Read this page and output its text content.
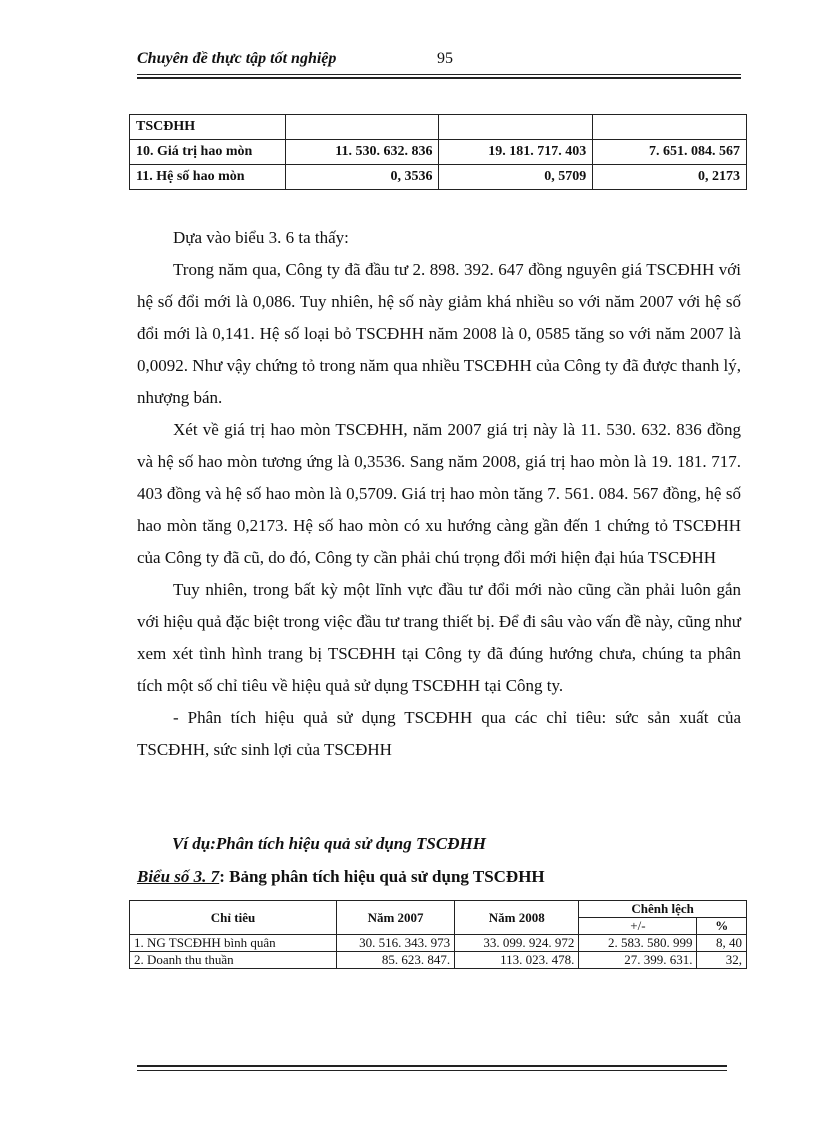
Chuyên đề thực tập tốt nghiệp	95
TSCĐHH			
10. Giá trị hao mòn	11. 530. 632. 836	19. 181. 717. 403	7. 651. 084. 567
11. Hệ số hao mòn	0, 3536	0, 5709	0, 2173

Dựa vào biểu 3. 6 ta thấy:

Trong năm qua, Công ty đã đầu tư 2. 898. 392. 647 đồng nguyên giá TSCĐHH với hệ số đổi mới là 0,086. Tuy nhiên, hệ số này giảm khá nhiều so với năm 2007 với hệ số đổi mới là 0,141. Hệ số loại bỏ TSCĐHH năm 2008 là 0, 0585 tăng so với năm 2007 là 0,0092. Như vậy chứng tỏ trong năm qua nhiều TSCĐHH của Công ty đã được thanh lý, nhượng bán.

Xét về giá trị hao mòn TSCĐHH, năm 2007 giá trị này là 11. 530. 632. 836 đồng và hệ số hao mòn tương ứng là 0,3536. Sang năm 2008, giá trị hao mòn là 19. 181. 717. 403 đồng và hệ số hao mòn là 0,5709. Giá trị hao mòn tăng 7. 561. 084. 567 đồng, hệ số hao mòn tăng 0,2173. Hệ số hao mòn có xu hướng càng gần đến 1 chứng tỏ TSCĐHH của Công ty đã cũ, do đó, Công ty cần phải chú trọng đổi mới hiện đại húa TSCĐHH

Tuy nhiên, trong bất kỳ một lĩnh vực đầu tư đổi mới nào cũng cần phải luôn gắn với hiệu quả đặc biệt trong việc đầu tư trang thiết bị. Để đi sâu vào vấn đề này, cũng như xem xét tình hình trang bị TSCĐHH tại Công ty đã đúng hướng chưa, chúng ta phân tích một số chỉ tiêu về hiệu quả sử dụng TSCĐHH tại Công ty.

- Phân tích hiệu quả sử dụng TSCĐHH qua các chỉ tiêu: sức sản xuất của TSCĐHH, sức sinh lợi của TSCĐHH

Ví dụ:Phân tích hiệu quả sử dụng TSCĐHH
Biểu số 3. 7: Bảng phân tích hiệu quả sử dụng TSCĐHH
Chỉ tiêu	Năm 2007	Năm 2008	Chênh lệch	
			+/-	%
1. NG TSCĐHH bình quân	30. 516. 343. 973	33. 099. 924. 972	2. 583. 580. 999	8, 40
2. Doanh thu thuần	85. 623. 847.	113. 023. 478.	27. 399. 631.	32,
